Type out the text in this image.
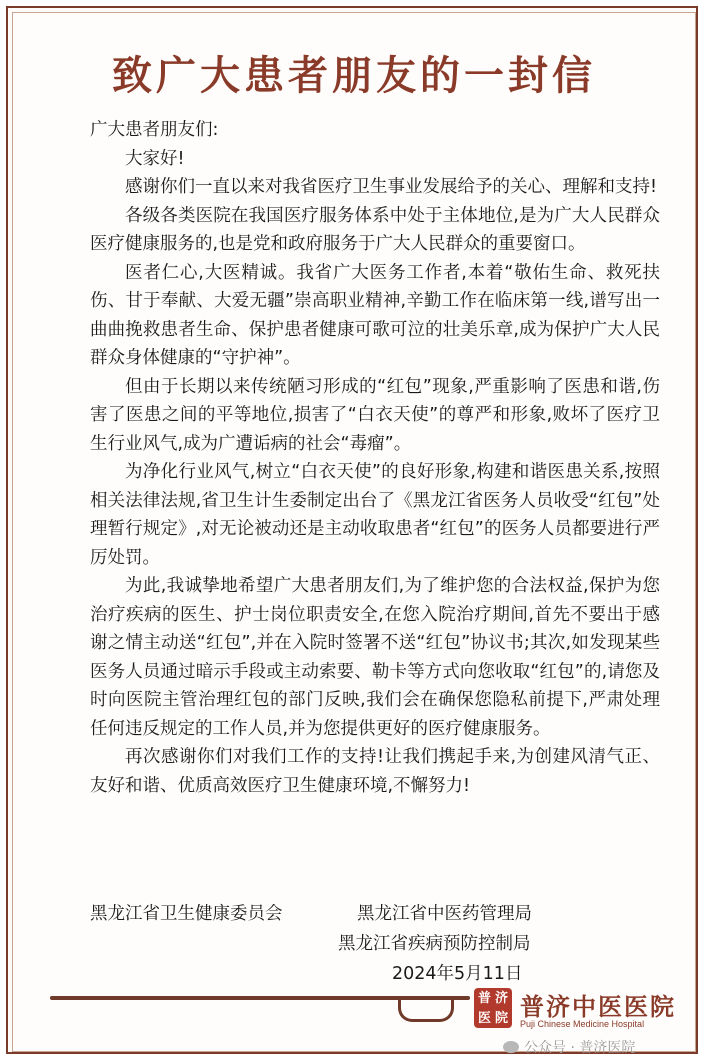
致广大患者朋友的一封信

广大患者朋友们:

大家好!

感谢你们一直以来对我省医疗卫生事业发展给予的关心、理解和支持!

各级各类医院在我国医疗服务体系中处于主体地位,是为广大人民群众医疗健康服务的,也是党和政府服务于广大人民群众的重要窗口。

医者仁心,大医精诚。我省广大医务工作者,本着“敬佑生命、救死扶伤、甘于奉献、大爱无疆”崇高职业精神,辛勤工作在临床第一线,谱写出一曲曲挽救患者生命、保护患者健康可歌可泣的壮美乐章,成为保护广大人民群众身体健康的“守护神”。

但由于长期以来传统陋习形成的“红包”现象,严重影响了医患和谐,伤害了医患之间的平等地位,损害了“白衣天使”的尊严和形象,败坏了医疗卫生行业风气,成为广遭诟病的社会“毒瘤”。

为净化行业风气,树立“白衣天使”的良好形象,构建和谐医患关系,按照相关法律法规,省卫生计生委制定出台了《黑龙江省医务人员收受“红包”处理暂行规定》,对无论被动还是主动收取患者“红包”的医务人员都要进行严厉处罚。

为此,我诚挚地希望广大患者朋友们,为了维护您的合法权益,保护为您治疗疾病的医生、护士岗位职责安全,在您入院治疗期间,首先不要出于感谢之情主动送“红包”,并在入院时签署不送“红包”协议书;其次,如发现某些医务人员通过暗示手段或主动索要、勒卡等方式向您收取“红包”的,请您及时向医院主管治理红包的部门反映,我们会在确保您隐私前提下,严肃处理任何违反规定的工作人员,并为您提供更好的医疗健康服务。

再次感谢你们对我们工作的支持!让我们携起手来,为创建风清气正、友好和谐、优质高效医疗卫生健康环境,不懈努力!

黑龙江省卫生健康委员会	黑龙江省中医药管理局
黑龙江省疾病预防控制局
2024年5月11日
普 济
医 院 普济中医医院
Puji Chinese Medicine Hospital
公众号 · 普济医院
